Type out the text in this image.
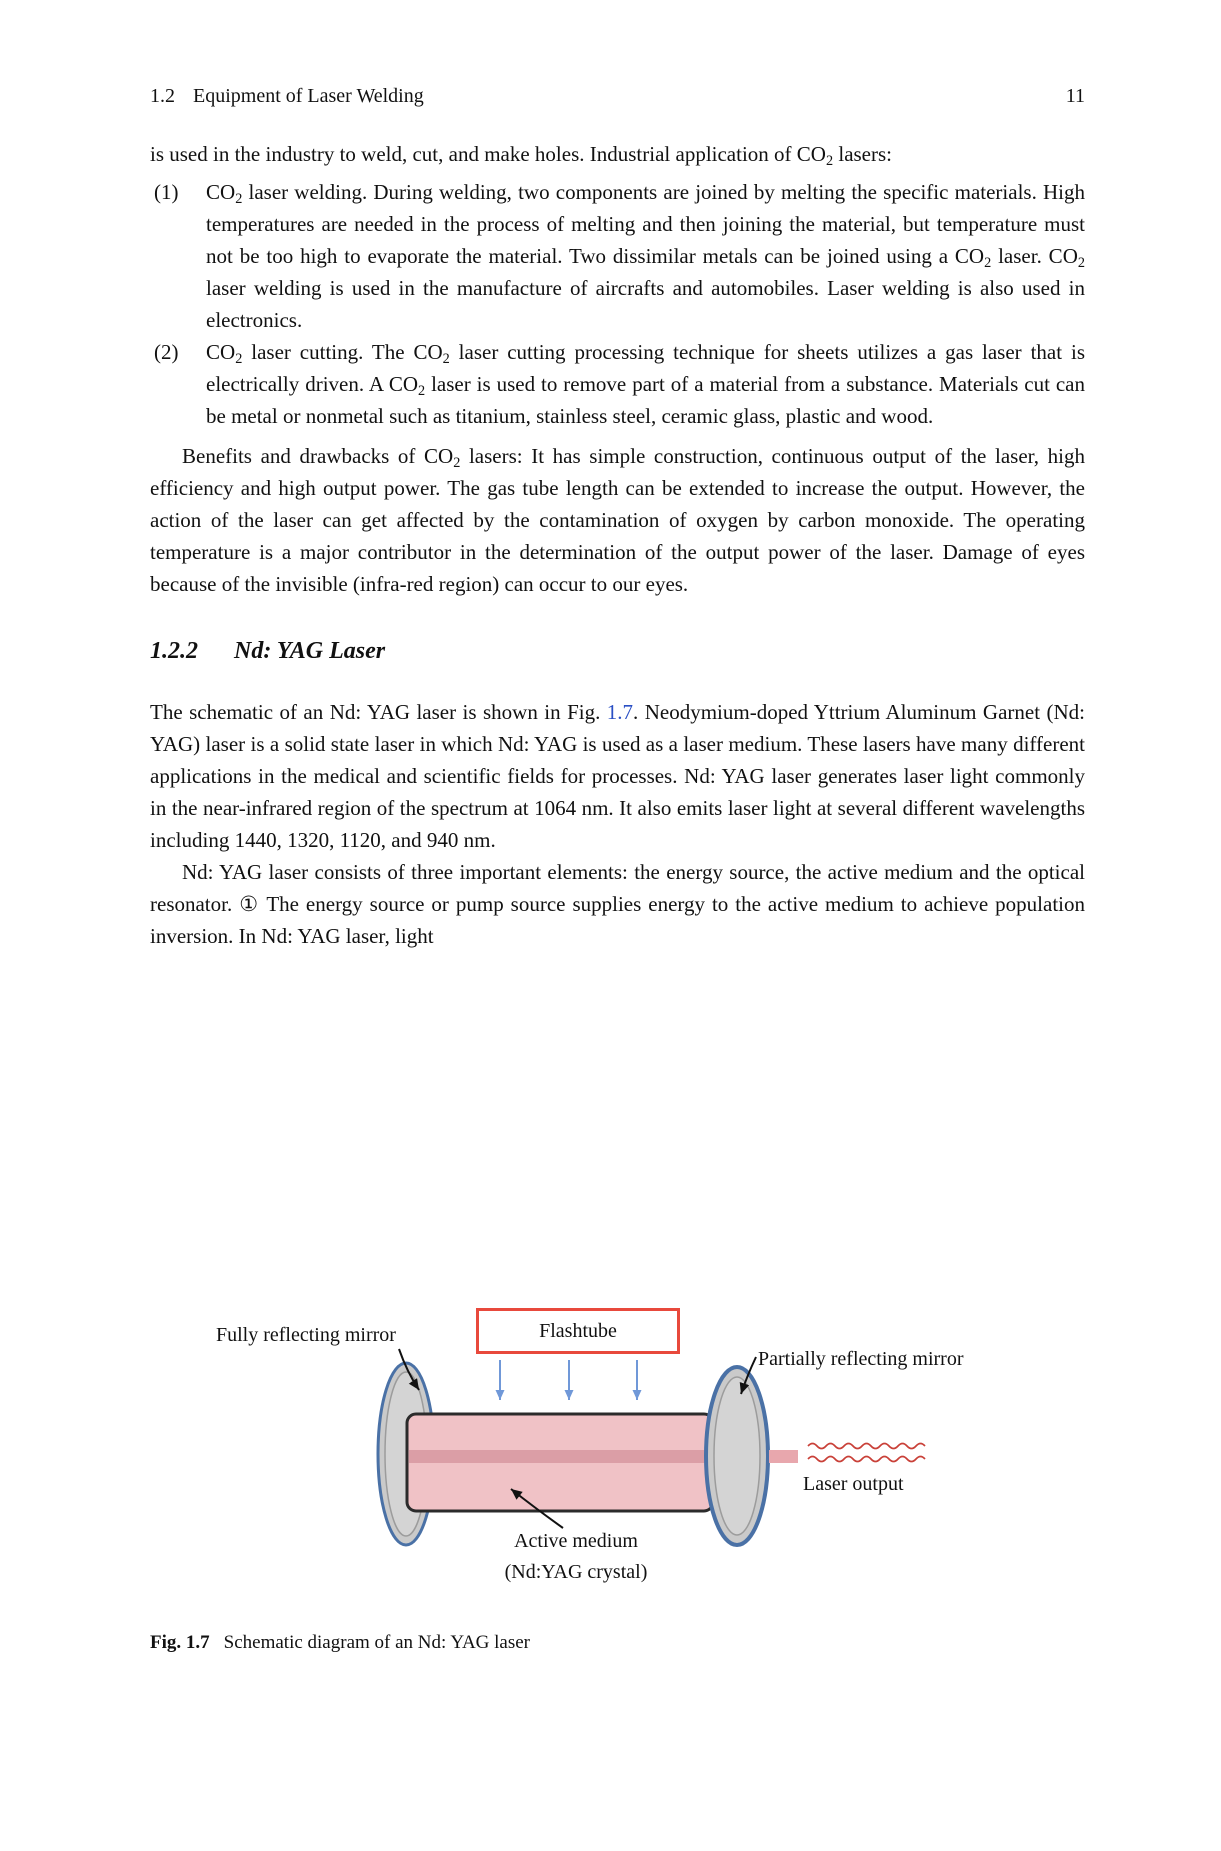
1.2 Equipment of Laser Welding	11
is used in the industry to weld, cut, and make holes. Industrial application of $CO_2$ lasers:
(1) $CO_2$ laser welding. During welding, two components are joined by melting the specific materials. High temperatures are needed in the process of melting and then joining the material, but temperature must not be too high to evaporate the material. Two dissimilar metals can be joined using a $CO_2$ laser. $CO_2$ laser welding is used in the manufacture of aircrafts and automobiles. Laser welding is also used in electronics.
(2) $CO_2$ laser cutting. The $CO_2$ laser cutting processing technique for sheets utilizes a gas laser that is electrically driven. A $CO_2$ laser is used to remove part of a material from a substance. Materials cut can be metal or nonmetal such as titanium, stainless steel, ceramic glass, plastic and wood.
Benefits and drawbacks of $CO_2$ lasers: It has simple construction, continuous output of the laser, high efficiency and high output power. The gas tube length can be extended to increase the output. However, the action of the laser can get affected by the contamination of oxygen by carbon monoxide. The operating temperature is a major contributor in the determination of the output power of the laser. Damage of eyes because of the invisible (infra-red region) can occur to our eyes.
1.2.2 Nd: YAG Laser
The schematic of an Nd: YAG laser is shown in Fig. 1.7. Neodymium-doped Yttrium Aluminum Garnet (Nd: YAG) laser is a solid state laser in which Nd: YAG is used as a laser medium. These lasers have many different applications in the medical and scientific fields for processes. Nd: YAG laser generates laser light commonly in the near-infrared region of the spectrum at 1064 nm. It also emits laser light at several different wavelengths including 1440, 1320, 1120, and 940 nm.
Nd: YAG laser consists of three important elements: the energy source, the active medium and the optical resonator. ① The energy source or pump source supplies energy to the active medium to achieve population inversion. In Nd: YAG laser, light
Fully reflecting mirror	Flashtube
Partially reflecting mirror
Laser output
Active medium
(Nd:YAG crystal)
Fig. 1.7 Schematic diagram of an Nd: YAG laser
